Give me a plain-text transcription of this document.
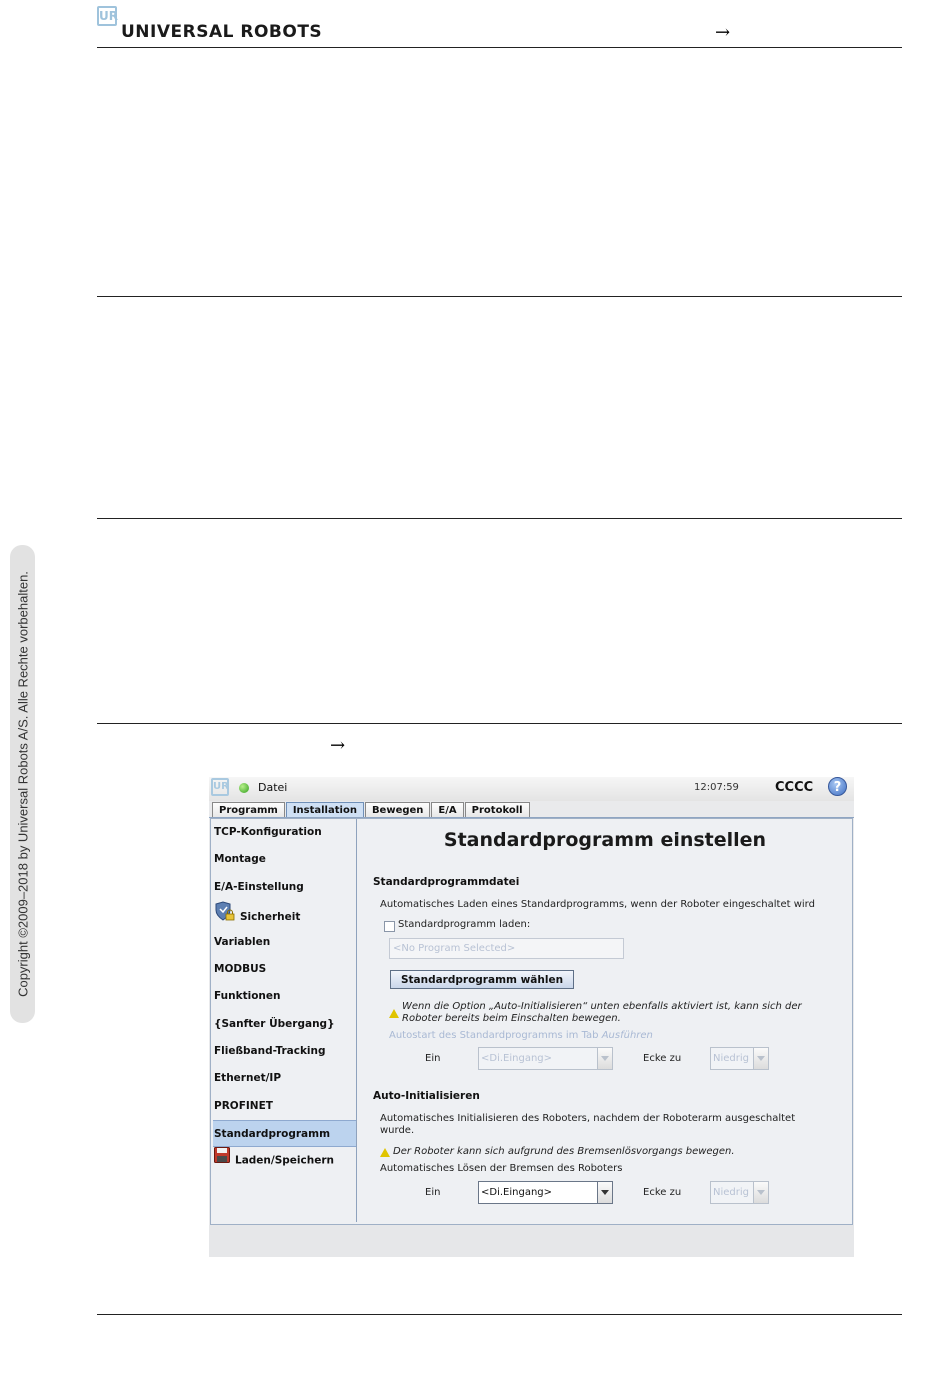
UR
UNIVERSAL ROBOTS	→
→
Copyright ©2009–2018 by Universal Robots A/S. Alle Rechte vorbehalten.	UR	Datei	12:07:59	CCCC	?
Programm	Installation	Bewegen	E/A	Protokoll
TCP-Konfiguration
Montage
E/A-Einstellung
Sicherheit
Variablen
MODBUS
Funktionen
{Sanfter Übergang}
Fließband-Tracking
Ethernet/IP
PROFINET
Standardprogramm
Laden/Speichern
Standardprogramm einstellen
Standardprogrammdatei
Automatisches Laden eines Standardprogramms, wenn der Roboter eingeschaltet wird
Standardprogramm laden:
<No Program Selected>
Standardprogramm wählen
Wenn die Option „Auto-Initialisieren“ unten ebenfalls aktiviert ist, kann sich der
Roboter bereits beim Einschalten bewegen.
Autostart des Standardprogramms im Tab Ausführen
Ein	<Di.Eingang>	Ecke zu	Niedrig
Auto-Initialisieren
Automatisches Initialisieren des Roboters, nachdem der Roboterarm ausgeschaltet
wurde.
Der Roboter kann sich aufgrund des Bremsenlösvorgangs bewegen.
Automatisches Lösen der Bremsen des Roboters
Ein	<Di.Eingang>	Ecke zu	Niedrig
